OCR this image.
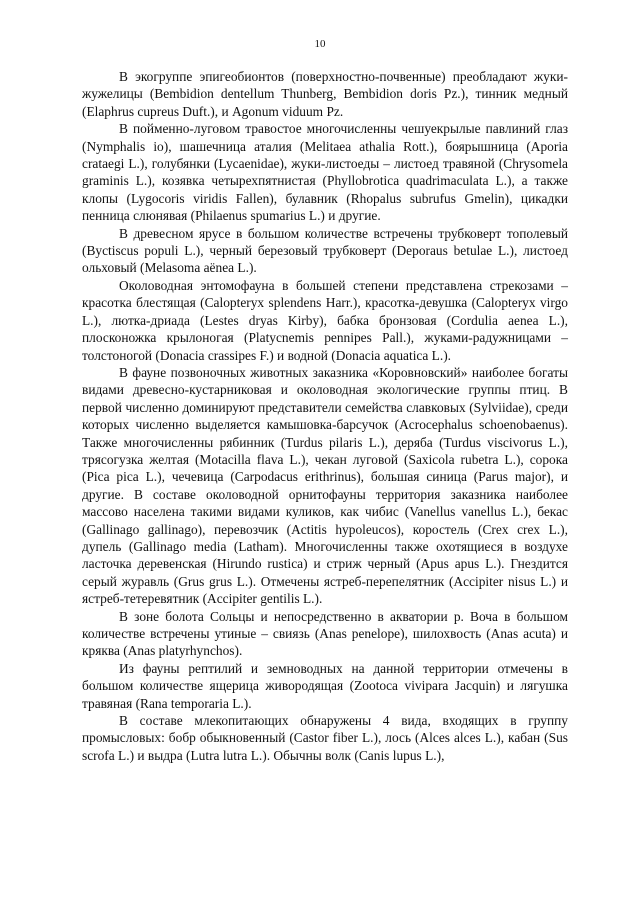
10

В экогруппе эпигеобионтов (поверхностно-почвенные) преобладают жуки-жужелицы (Bembidion dentellum Thunberg, Bembidion doris Pz.), тинник медный (Elaphrus cupreus Duft.), и Agonum viduum Pz.

В пойменно-луговом травостое многочисленны чешуекрылые павлиний глаз (Nymphalis io), шашечница аталия (Melitaea athalia Rott.), боярышница (Aporia crataegi L.), голубянки (Lycaenidae), жуки-листоеды – листоед травяной (Chrysomela graminis L.), козявка четырехпятнистая (Phyllobrotica quadrimaculata L.), а также клопы (Lygocoris viridis Fallen), булавник (Rhopalus subrufus Gmelin), цикадки пенница слюнявая (Philaenus spumarius L.) и другие.

В древесном ярусе в большом количестве встречены трубковерт тополевый (Byctiscus populi L.), черный березовый трубковерт (Deporaus betulae L.), листоед ольховый (Melasoma aënea L.).

Околоводная энтомофауна в большей степени представлена стрекозами – красотка блестящая (Calopteryx splendens Harr.), красотка-девушка (Calopteryx virgo L.), лютка-дриада (Lestes dryas Kirby), бабка бронзовая (Cordulia aenea L.), плосконожка крылоногая (Platycnemis pennipes Pall.), жуками-радужницами – толстоногой (Donacia crassipes F.) и водной (Donacia aquatica L.).

В фауне позвоночных животных заказника «Коровновский» наиболее богаты видами древесно-кустарниковая и околоводная экологические группы птиц. В первой численно доминируют представители семейства славковых (Sylviidae), среди которых численно выделяется камышовка-барсучок (Acrocephalus schoenobaenus). Также многочисленны рябинник (Turdus pilaris L.), деряба (Turdus viscivorus L.), трясогузка желтая (Motacilla flava L.), чекан луговой (Saxicola rubetra L.), сорока (Pica pica L.), чечевица (Carpodacus erithrinus), большая синица (Parus major), и другие. В составе околоводной орнитофауны территория заказника наиболее массово населена такими видами куликов, как чибис (Vanellus vanellus L.), бекас (Gallinago gallinago), перевозчик (Actitis hypoleucos), коростель (Crex crex L.), дупель (Gallinago media (Latham). Многочисленны также охотящиеся в воздухе ласточка деревенская (Hirundo rustica) и стриж черный (Apus apus L.). Гнездится серый журавль (Grus grus L.). Отмечены ястреб-перепелятник (Accipiter nisus L.) и ястреб-тетеревятник (Accipiter gentilis L.).

В зоне болота Сольцы и непосредственно в акватории р. Воча в большом количестве встречены утиные – свиязь (Anas penelope), шилохвость (Anas acuta) и кряква (Anas platyrhynchos).

Из фауны рептилий и земноводных на данной территории отмечены в большом количестве ящерица живородящая (Zootoca vivipara Jacquin) и лягушка травяная (Rana temporaria L.).

В составе млекопитающих обнаружены 4 вида, входящих в группу промысловых: бобр обыкновенный (Castor fiber L.), лось (Alces alces L.), кабан (Sus scrofa L.) и выдра (Lutra lutra L.). Обычны волк (Canis lupus L.),
